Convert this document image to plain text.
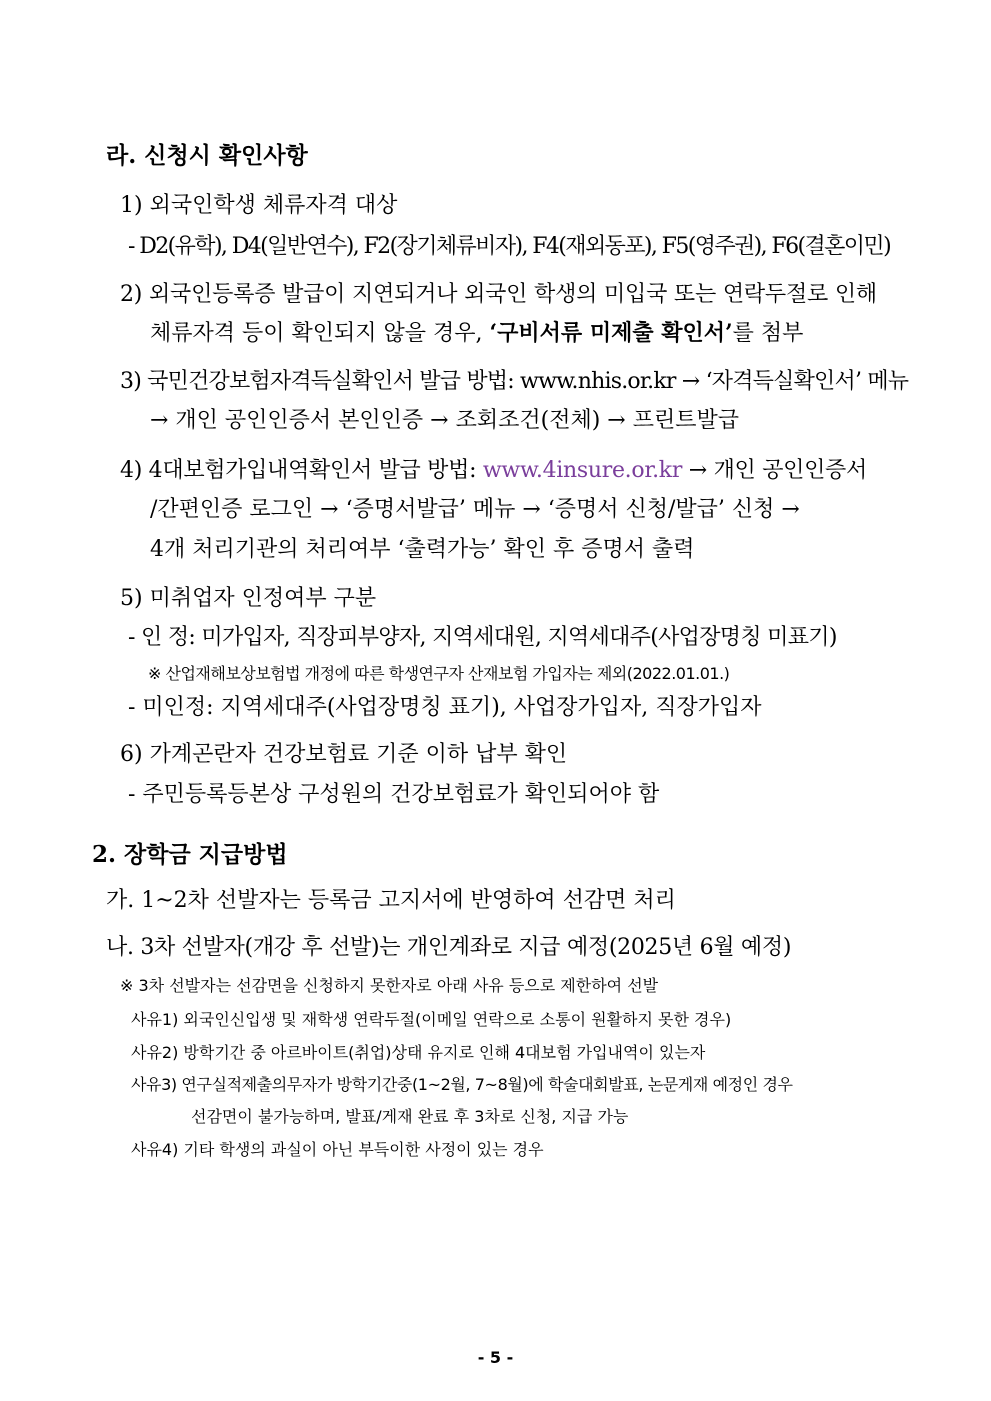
라. 신청시 확인사항
1) 외국인학생 체류자격 대상
- D2(유학), D4(일반연수), F2(장기체류비자), F4(재외동포), F5(영주권), F6(결혼이민)
2) 외국인등록증 발급이 지연되거나 외국인 학생의 미입국 또는 연락두절로 인해
체류자격 등이 확인되지 않을 경우, ‘구비서류 미제출 확인서’를 첨부
3) 국민건강보험자격득실확인서 발급 방법: www.nhis.or.kr → ‘자격득실확인서’ 메뉴
→ 개인 공인인증서 본인인증 → 조회조건(전체) → 프린트발급
4) 4대보험가입내역확인서 발급 방법: www.4insure.or.kr → 개인 공인인증서
/간편인증 로그인 → ‘증명서발급’ 메뉴 → ‘증명서 신청/발급’ 신청 →
4개 처리기관의 처리여부 ‘출력가능’ 확인 후 증명서 출력
5) 미취업자 인정여부 구분
- 인 정: 미가입자, 직장피부양자, 지역세대원, 지역세대주(사업장명칭 미표기)
※ 산업재해보상보험법 개정에 따른 학생연구자 산재보험 가입자는 제외(2022.01.01.)
- 미인정: 지역세대주(사업장명칭 표기), 사업장가입자, 직장가입자
6) 가계곤란자 건강보험료 기준 이하 납부 확인
- 주민등록등본상 구성원의 건강보험료가 확인되어야 함
2. 장학금 지급방법
가. 1~2차 선발자는 등록금 고지서에 반영하여 선감면 처리
나. 3차 선발자(개강 후 선발)는 개인계좌로 지급 예정(2025년 6월 예정)
※ 3차 선발자는 선감면을 신청하지 못한자로 아래 사유 등으로 제한하여 선발
사유1) 외국인신입생 및 재학생 연락두절(이메일 연락으로 소통이 원활하지 못한 경우)
사유2) 방학기간 중 아르바이트(취업)상태 유지로 인해 4대보험 가입내역이 있는자
사유3) 연구실적제출의무자가 방학기간중(1~2월, 7~8월)에 학술대회발표, 논문게재 예정인 경우
선감면이 불가능하며, 발표/게재 완료 후 3차로 신청, 지급 가능
사유4) 기타 학생의 과실이 아닌 부득이한 사정이 있는 경우
- 5 -
